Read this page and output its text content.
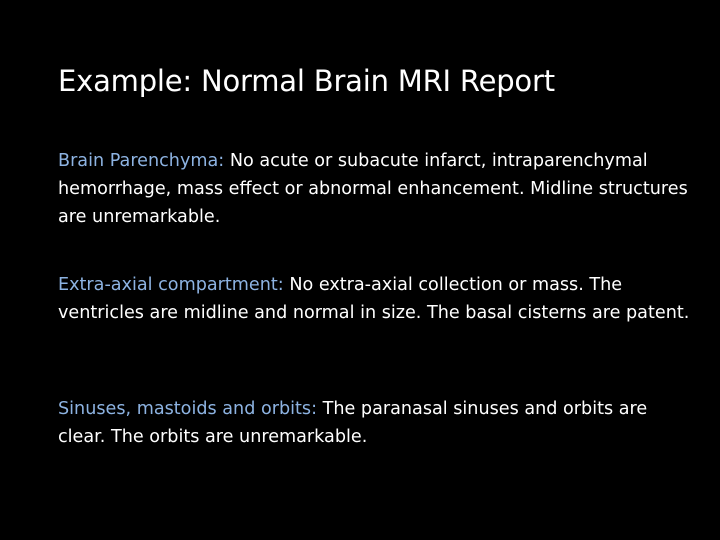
Example: Normal Brain MRI Report

Brain Parenchyma: No acute or subacute infarct, intraparenchymal hemorrhage, mass effect or abnormal enhancement. Midline structures are unremarkable.

Extra-axial compartment: No extra-axial collection or mass. The ventricles are midline and normal in size. The basal cisterns are patent.

Sinuses, mastoids and orbits: The paranasal sinuses and orbits are clear. The orbits are unremarkable.
